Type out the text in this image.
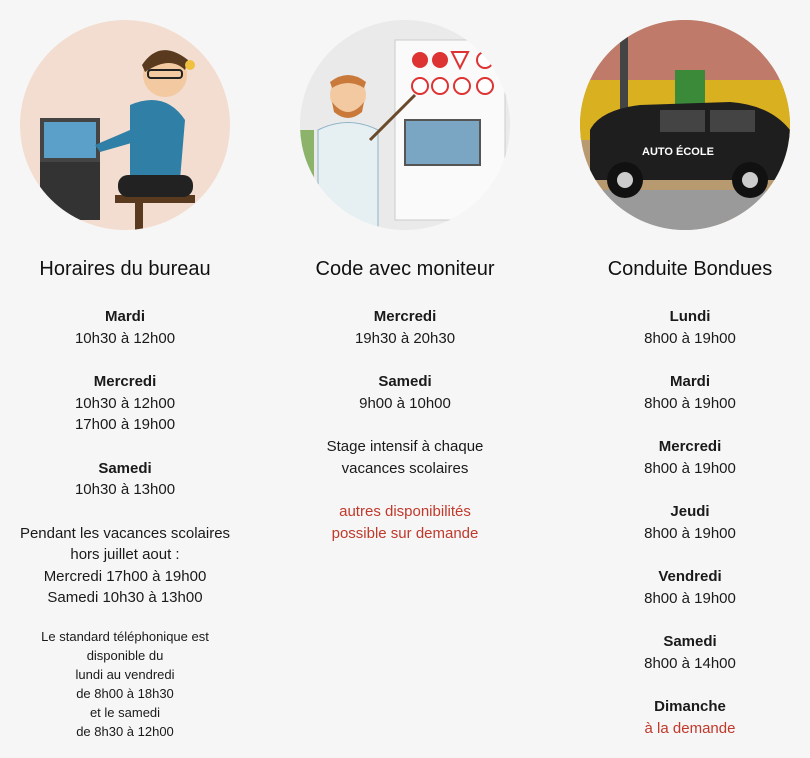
Horaires du bureau
Mardi
10h30 à 12h00
Mercredi
10h30 à 12h00
17h00 à 19h00
Samedi
10h30 à 13h00
Pendant les vacances scolaires
hors juillet aout :
Mercredi 17h00 à 19h00
Samedi 10h30 à 13h00
Le standard téléphonique est
disponible du
lundi au vendredi
de 8h00 à 18h30
et le samedi
de 8h30 à 12h00
Code avec moniteur
Mercredi
19h30 à 20h30
Samedi
9h00 à 10h00
Stage intensif à chaque
vacances scolaires
autres disponibilités
possible sur demande
AUTO ÉCOLE
Conduite Bondues
Lundi
8h00 à 19h00
Mardi
8h00 à 19h00
Mercredi
8h00 à 19h00
Jeudi
8h00 à 19h00
Vendredi
8h00 à 19h00
Samedi
8h00 à 14h00
Dimanche
à la demande
